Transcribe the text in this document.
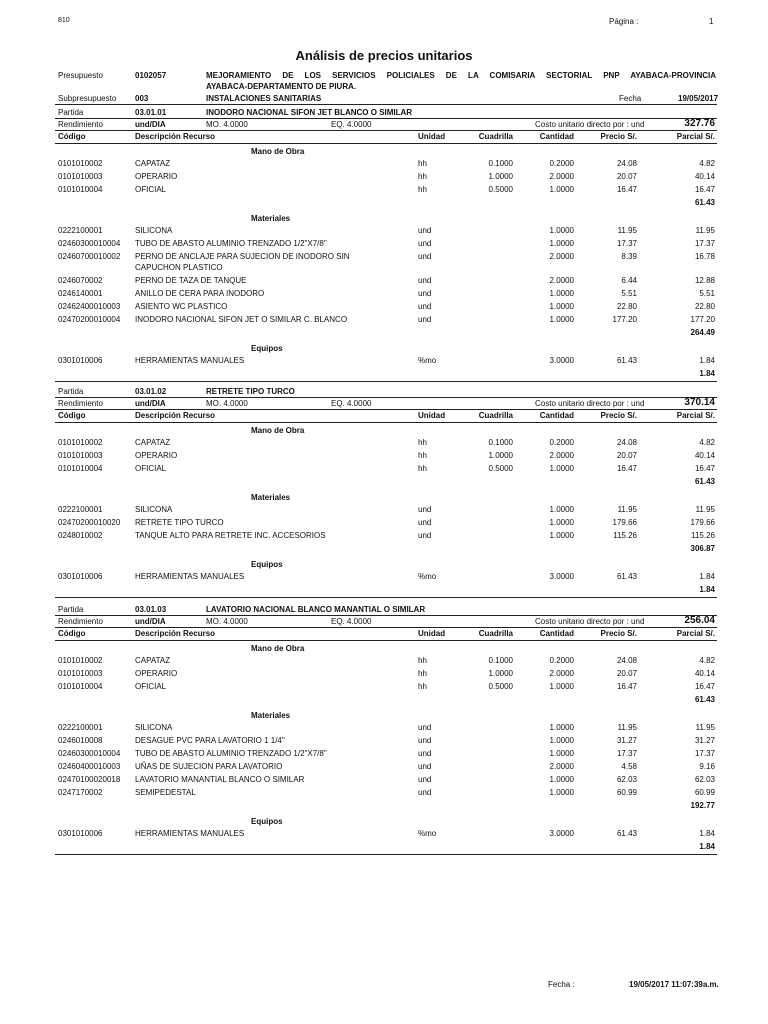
810	Página :	1
Análisis de precios unitarios
Presupuesto	0102057	MEJORAMIENTO DE LOS SERVICIOS POLICIALES DE LA COMISARIA SECTORIAL PNP AYABACA-PROVINCIA
AYABACA-DEPARTAMENTO DE PIURA.
Subpresupuesto 003	INSTALACIONES SANITARIAS	Fecha	19/05/2017
Partida	03.01.01	INODORO NACIONAL SIFON JET BLANCO O SIMILAR
Rendimiento	und/DIA	MO. 4.0000	EQ. 4.0000	Costo unitario directo por : und	327.76
Código	Descripción Recurso	Unidad	Cuadrilla	Cantidad	Precio S/.	Parcial S/.
Mano de Obra
0101010002	CAPATAZ	hh	0.1000	0.2000	24.08	4.82
0101010003	OPERARIO	hh	1.0000	2.0000	20.07	40.14
0101010004	OFICIAL	hh	0.5000	1.0000	16.47	16.47
61.43
Materiales
0222100001	SILICONA	und	1.0000	11.95	11.95
02460300010004 TUBO DE ABASTO ALUMINIO TRENZADO 1/2"X7/8"	und	1.0000	17.37	17.37
02460700010002 PERNO DE ANCLAJE PARA SUJECION DE INODORO SIN	und	2.0000	8.39	16.78
CAPUCHON PLASTICO
0246070002	PERNO DE TAZA DE TANQUE	und	2.0000	6.44	12.88
0246140001	ANILLO DE CERA PARA INODORO	und	1.0000	5.51	5.51
02462400010003 ASIENTO WC PLASTICO	und	1.0000	22.80	22.80
02470200010004 INODORO NACIONAL SIFON JET O SIMILAR C. BLANCO	und	1.0000	177.20	177.20
264.49
Equipos
0301010006	HERRAMIENTAS MANUALES	%mo	3.0000	61.43	1.84
1.84
Partida	03.01.02	RETRETE TIPO TURCO
Rendimiento	und/DIA	MO. 4.0000	EQ. 4.0000	Costo unitario directo por : und	370.14
Código	Descripción Recurso	Unidad	Cuadrilla	Cantidad	Precio S/.	Parcial S/.
Mano de Obra
0101010002	CAPATAZ	hh	0.1000	0.2000	24.08	4.82
0101010003	OPERARIO	hh	1.0000	2.0000	20.07	40.14
0101010004	OFICIAL	hh	0.5000	1.0000	16.47	16.47
61.43
Materiales
0222100001	SILICONA	und	1.0000	11.95	11.95
02470200010020 RETRETE TIPO TURCO	und	1.0000	179.66	179.66
0248010002	TANQUE ALTO PARA RETRETE INC. ACCESORIOS	und	1.0000	115.26	115.26
306.87
Equipos
0301010006	HERRAMIENTAS MANUALES	%mo	3.0000	61.43	1.84
1.84
Partida	03.01.03	LAVATORIO NACIONAL BLANCO MANANTIAL O SIMILAR
Rendimiento	und/DIA	MO. 4.0000	EQ. 4.0000	Costo unitario directo por : und	256.04
Código	Descripción Recurso	Unidad	Cuadrilla	Cantidad	Precio S/.	Parcial S/.
Mano de Obra
0101010002	CAPATAZ	hh	0.1000	0.2000	24.08	4.82
0101010003	OPERARIO	hh	1.0000	2.0000	20.07	40.14
0101010004	OFICIAL	hh	0.5000	1.0000	16.47	16.47
61.43
Materiales
0222100001	SILICONA	und	1.0000	11.95	11.95
0246010008	DESAGUE PVC PARA LAVATORIO 1 1/4"	und	1.0000	31.27	31.27
02460300010004 TUBO DE ABASTO ALUMINIO TRENZADO 1/2"X7/8"	und	1.0000	17.37	17.37
02460400010003 UÑAS DE SUJECION PARA LAVATORIO	und	2.0000	4.58	9.16
02470100020018 LAVATORIO MANANTIAL BLANCO O SIMILAR	und	1.0000	62.03	62.03
0247170002	SEMIPEDESTAL	und	1.0000	60.99	60.99
192.77
Equipos
0301010006	HERRAMIENTAS MANUALES	%mo	3.0000	61.43	1.84
1.84
Fecha :	19/05/2017 11:07:39a.m.
